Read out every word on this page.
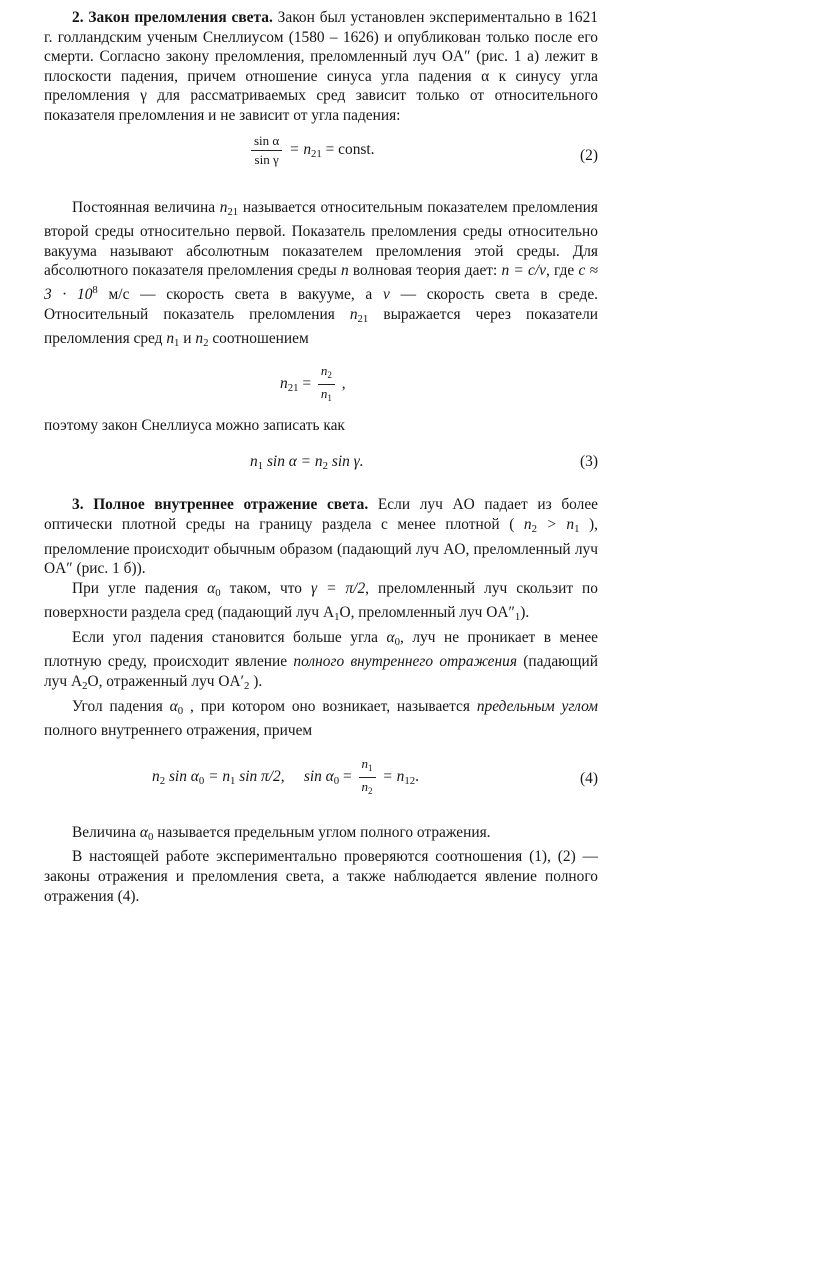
2. Закон преломления света. Закон был установлен экспериментально в 1621 г. голландским ученым Снеллиусом (1580 – 1626) и опубликован только после его смерти. Согласно закону преломления, преломленный луч OA″ (рис. 1 а) лежит в плоскости падения, причем отношение синуса угла падения α к синусу угла преломления γ для рассматриваемых сред зависит только от относительного показателя преломления и не зависит от угла падения:

$\frac{\text{sin α}}{\text{sin γ}} = n_{21}$ = const.	(2)

Постоянная величина $n_{21}$ называется относительным показателем преломления второй среды относительно первой. Показатель преломления среды относительно вакуума называют абсолютным показателем преломления этой среды. Для абсолютного показателя преломления среды n волновая теория дает: n = c/v, где $c \approx 3 \cdot 10^8$ м/с — скорость света в вакууме, а v — скорость света в среде. Относительный показатель преломления $n_{21}$ выражается через показатели преломления сред $n_1$ и $n_2$ соотношением

$n_{21} = \frac{n_2}{n_1}$ ,

поэтому закон Снеллиуса можно записать как

$n_1$ $\sin \alpha = n_2$ sin γ.	(3)

3. Полное внутреннее отражение света. Если луч AO падает из более оптически плотной среды на границу раздела с менее плотной ( $n_2 > n_1$ ), преломление происходит обычным образом (падающий луч AO, преломленный луч OA″ (рис. 1 б)).

При угле падения $\alpha_0$ таком, что γ = π/2, преломленный луч скользит по поверхности раздела сред (падающий луч $A_1O$, преломленный луч $OA''_1$).

Если угол падения становится больше угла $\alpha_0$, луч не проникает в менее плотную среду, происходит явление полного внутреннего отражения (падающий луч $A_2O$, отраженный луч $OA'_2$ ).

Угол падения $\alpha_0$ , при котором оно возникает, называется предельным углом полного внутреннего отражения, причем

$n_2$ $\sin \alpha_0 = n_1$ sin π/2,     $\sin \alpha_0 = \frac{n_1}{n_2} = n_{12}$.	(4)

Величина $\alpha_0$ называется предельным углом полного отражения.

В настоящей работе экспериментально проверяются соотношения (1), (2) — законы отражения и преломления света, а также наблюдается явление полного отражения (4).
